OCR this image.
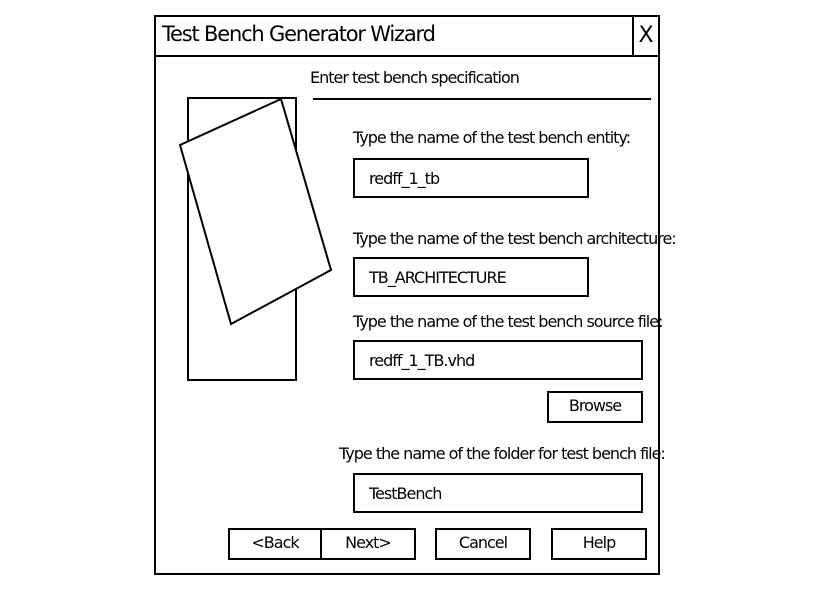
Test Bench Generator Wizard	X
Enter test bench specification
Type the name of the test bench entity:
redff_1_tb
Type the name of the test bench architecture:
TB_ARCHITECTURE
Type the name of the test bench source file:
redff_1_TB.vhd
Browse
Type the name of the folder for test bench file:
TestBench
<Back	Next>	Cancel	Help
